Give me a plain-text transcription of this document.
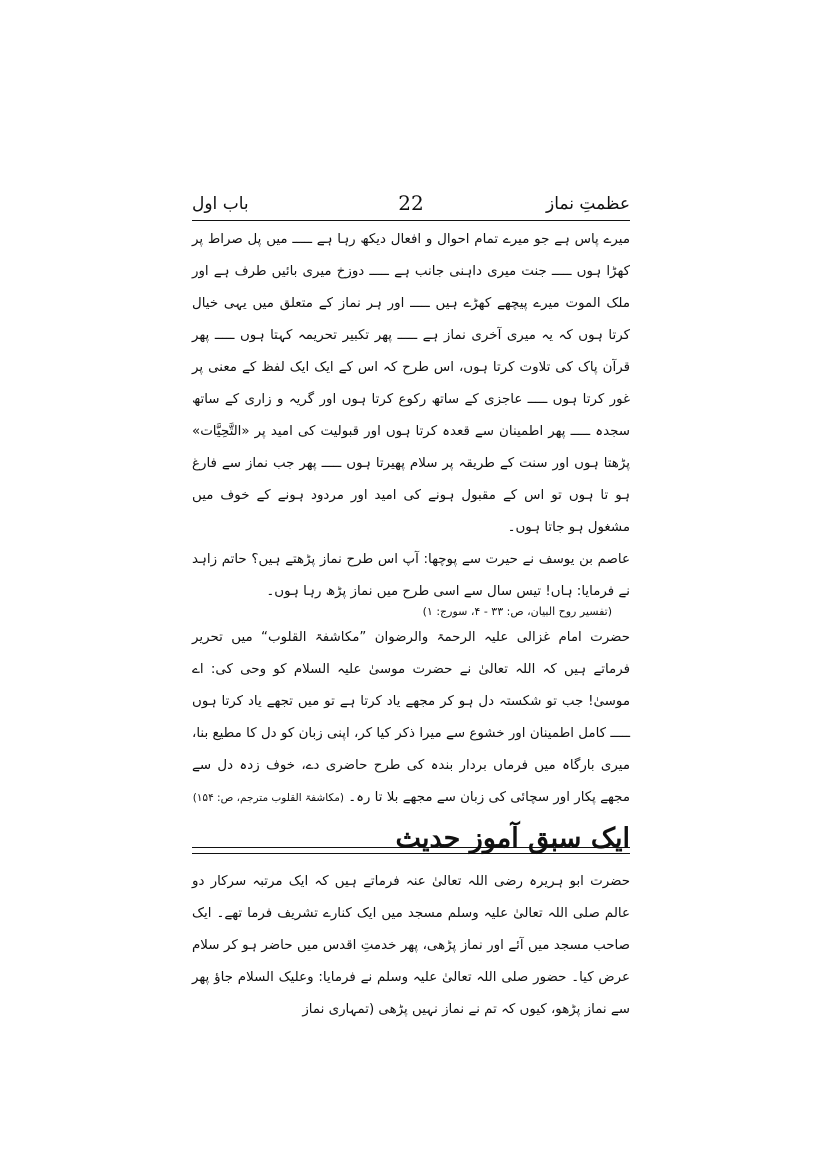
عظمتِ نماز
22
باب اول

میرے پاس ہے جو میرے تمام احوال و افعال دیکھ رہا ہے ـــــ میں پل صراط پر کھڑا ہوں ـــــ جنت میری داہنی جانب ہے ـــــ دوزخ میری بائیں طرف ہے اور ملک الموت میرے پیچھے کھڑے ہیں ـــــ اور ہر نماز کے متعلق میں یہی خیال کرتا ہوں کہ یہ میری آخری نماز ہے ـــــ پھر تکبیر تحریمہ کہتا ہوں ـــــ پھر قرآن پاک کی تلاوت کرتا ہوں، اس طرح کہ اس کے ایک ایک لفظ کے معنی پر غور کرتا ہوں ـــــ عاجزی کے ساتھ رکوع کرتا ہوں اور گریہ و زاری کے ساتھ سجدہ ـــــ پھر اطمینان سے قعدہ کرتا ہوں اور قبولیت کی امید پر «التَّحِیَّات» پڑھتا ہوں اور سنت کے طریقہ پر سلام پھیرتا ہوں ـــــ پھر جب نماز سے فارغ ہو تا ہوں تو اس کے مقبول ہونے کی امید اور مردود ہونے کے خوف میں مشغول ہو جاتا ہوں۔

عاصم بن یوسف نے حیرت سے پوچھا: آپ اس طرح نماز پڑھتے ہیں؟ حاتم زاہد نے فرمایا: ہاں! تیس سال سے اسی طرح میں نماز پڑھ رہا ہوں۔

(تفسیر روح البیان، ص: ۳۳ - ۴، سورج: ۱)

حضرت امام غزالی علیہ الرحمۃ والرضوان ”مکاشفۃ القلوب“ میں تحریر فرماتے ہیں کہ اللہ تعالیٰ نے حضرت موسیٰ علیہ السلام کو وحی کی: اے موسیٰ! جب تو شکستہ دل ہو کر مجھے یاد کرتا ہے تو میں تجھے یاد کرتا ہوں ـــــ کامل اطمینان اور خشوع سے میرا ذکر کیا کر، اپنی زبان کو دل کا مطیع بنا، میری بارگاہ میں فرماں بردار بندہ کی طرح حاضری دے، خوف زدہ دل سے مجھے پکار اور سچائی کی زبان سے مجھے بلا تا رہ۔ (مکاشفۃ القلوب مترجم، ص: ۱۵۴)

ایک سبق آموز حدیث

حضرت ابو ہریرہ رضی اللہ تعالیٰ عنہ فرماتے ہیں کہ ایک مرتبہ سرکار دو عالم صلی اللہ تعالیٰ علیہ وسلم مسجد میں ایک کنارے تشریف فرما تھے۔ ایک صاحب مسجد میں آئے اور نماز پڑھی، پھر خدمتِ اقدس میں حاضر ہو کر سلام عرض کیا۔ حضور صلی اللہ تعالیٰ علیہ وسلم نے فرمایا: وعلیک السلام جاؤ پھر سے نماز پڑھو، کیوں کہ تم نے نماز نہیں پڑھی (تمہاری نماز
